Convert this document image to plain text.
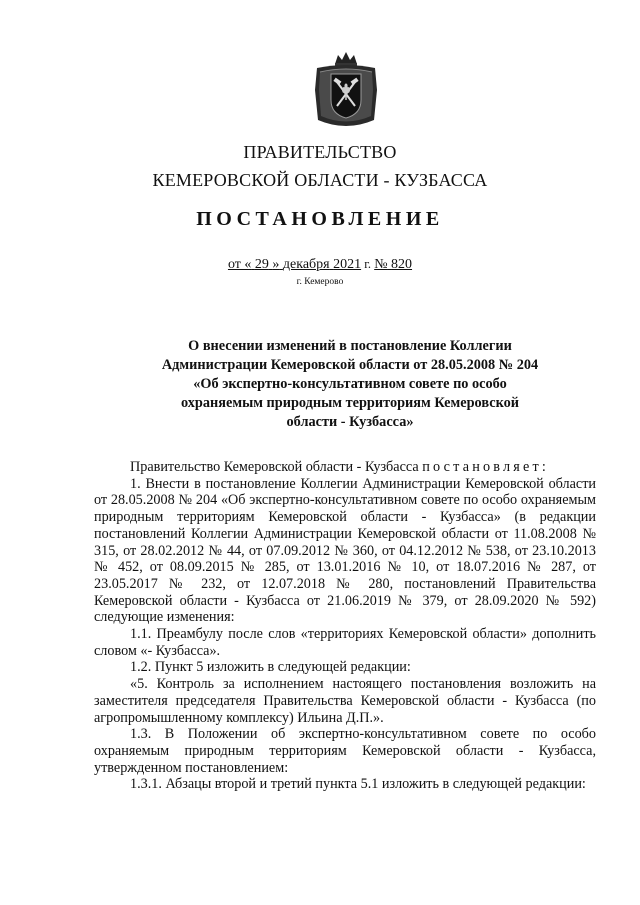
ПРАВИТЕЛЬСТВО
КЕМЕРОВСКОЙ ОБЛАСТИ - КУЗБАССА
ПОСТАНОВЛЕНИЕ
от « 29 » декабря 2021 г. № 820
г. Кемерово
О внесении изменений в постановление Коллегии Администрации Кемеровской области от 28.05.2008 № 204 «Об экспертно-консультативном совете по особо охраняемым природным территориям Кемеровской области - Кузбасса»

Правительство Кемеровской области - Кузбасса постановляет:

1. Внести в постановление Коллегии Администрации Кемеровской области от 28.05.2008 № 204 «Об экспертно-консультативном совете по особо охраняемым природным территориям Кемеровской области - Кузбасса» (в редакции постановлений Коллегии Администрации Кемеровской области от 11.08.2008 № 315, от 28.02.2012 № 44, от 07.09.2012 № 360, от 04.12.2012 № 538, от 23.10.2013 № 452, от 08.09.2015 № 285, от 13.01.2016 № 10, от 18.07.2016 № 287, от 23.05.2017 № 232, от 12.07.2018 № 280, постановлений Правительства Кемеровской области - Кузбасса от 21.06.2019 № 379, от 28.09.2020 № 592) следующие изменения:

1.1. Преамбулу после слов «территориях Кемеровской области» дополнить словом «- Кузбасса».

1.2. Пункт 5 изложить в следующей редакции:

«5. Контроль за исполнением настоящего постановления возложить на заместителя председателя Правительства Кемеровской области - Кузбасса (по агропромышленному комплексу) Ильина Д.П.».

1.3. В Положении об экспертно-консультативном совете по особо охраняемым природным территориям Кемеровской области - Кузбасса, утвержденном постановлением:

1.3.1. Абзацы второй и третий пункта 5.1 изложить в следующей редакции:
